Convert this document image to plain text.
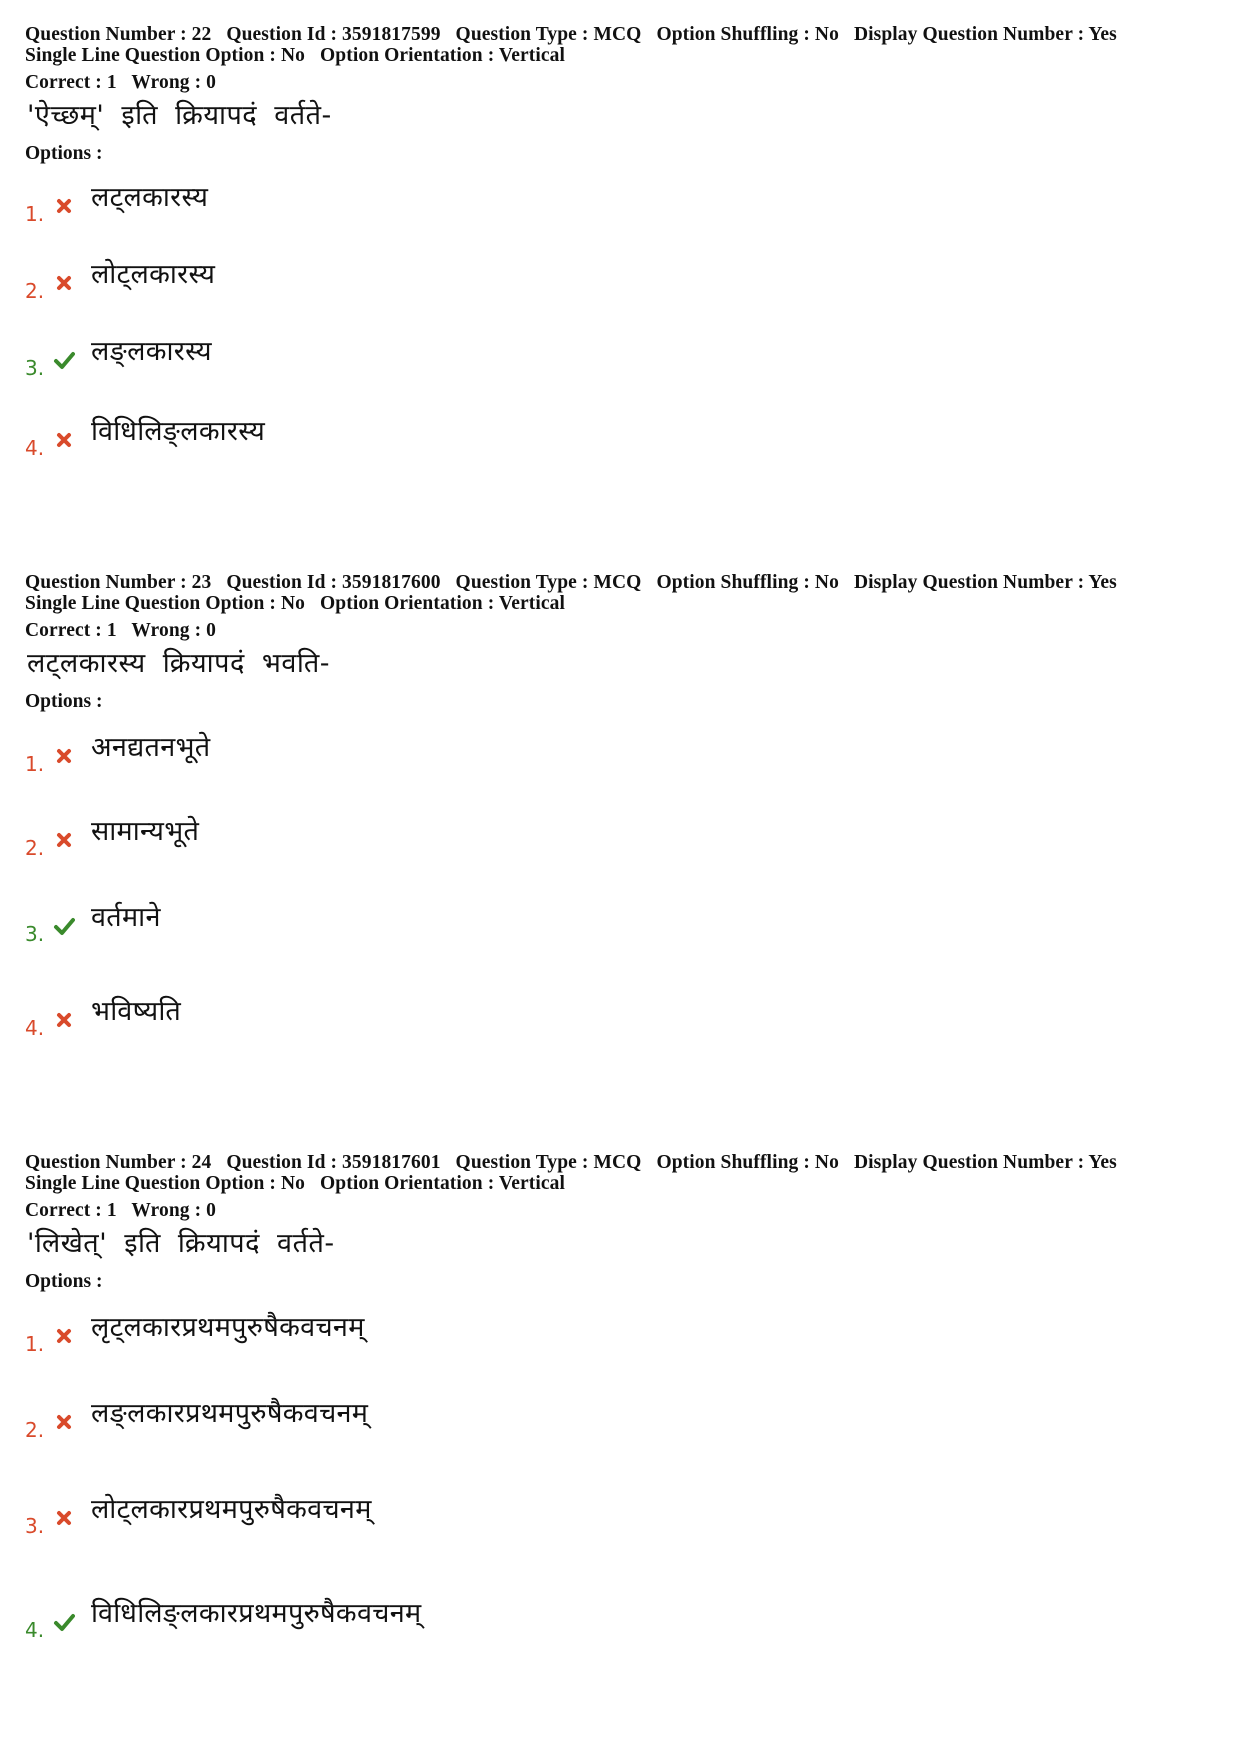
Question Number : 22 Question Id : 3591817599 Question Type : MCQ Option Shuffling : No Display Question Number : Yes
Single Line Question Option : No Option Orientation : Vertical
Correct : 1 Wrong : 0
'ऐच्छम्' इति क्रियापदं वर्तते-
Options :
1.
लट्लकारस्य
2.
लोट्लकारस्य
3.
लङ्लकारस्य
4.
विधिलिङ्लकारस्य
Question Number : 23 Question Id : 3591817600 Question Type : MCQ Option Shuffling : No Display Question Number : Yes
Single Line Question Option : No Option Orientation : Vertical
Correct : 1 Wrong : 0
लट्लकारस्य क्रियापदं भवति-
Options :
1.
अनद्यतनभूते
2.
सामान्यभूते
3.
वर्तमाने
4.
भविष्यति
Question Number : 24 Question Id : 3591817601 Question Type : MCQ Option Shuffling : No Display Question Number : Yes
Single Line Question Option : No Option Orientation : Vertical
Correct : 1 Wrong : 0
'लिखेत्' इति क्रियापदं वर्तते-
Options :
1.
लृट्लकारप्रथमपुरुषैकवचनम्
2.
लङ्लकारप्रथमपुरुषैकवचनम्
3.
लोट्लकारप्रथमपुरुषैकवचनम्
4.
विधिलिङ्लकारप्रथमपुरुषैकवचनम्
